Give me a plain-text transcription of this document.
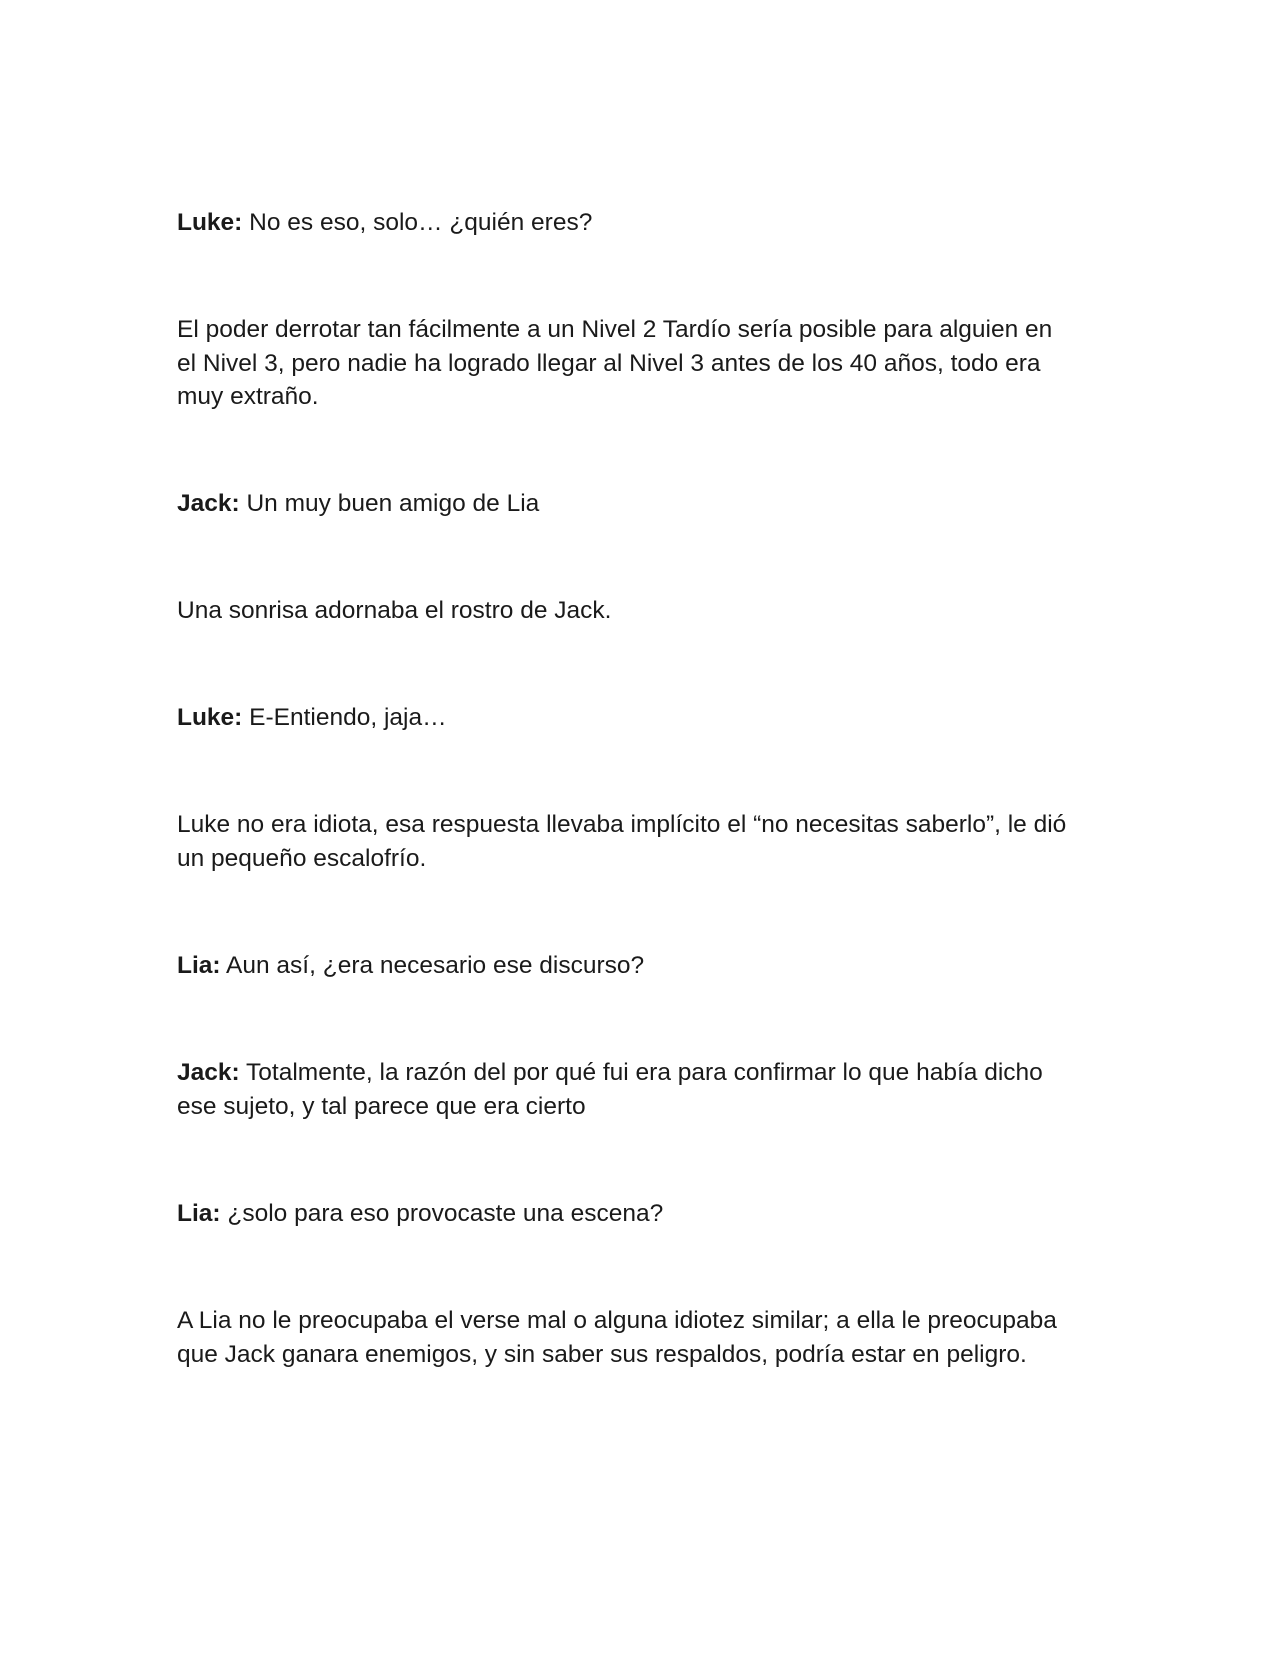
Luke: No es eso, solo… ¿quién eres?

El poder derrotar tan fácilmente a un Nivel 2 Tardío sería posible para alguien en
el Nivel 3, pero nadie ha logrado llegar al Nivel 3 antes de los 40 años, todo era
muy extraño.

Jack: Un muy buen amigo de Lia

Una sonrisa adornaba el rostro de Jack.

Luke: E-Entiendo, jaja…

Luke no era idiota, esa respuesta llevaba implícito el “no necesitas saberlo”, le dió
un pequeño escalofrío.

Lia: Aun así, ¿era necesario ese discurso?

Jack: Totalmente, la razón del por qué fui era para confirmar lo que había dicho
ese sujeto, y tal parece que era cierto

Lia: ¿solo para eso provocaste una escena?

A Lia no le preocupaba el verse mal o alguna idiotez similar; a ella le preocupaba
que Jack ganara enemigos, y sin saber sus respaldos, podría estar en peligro.
